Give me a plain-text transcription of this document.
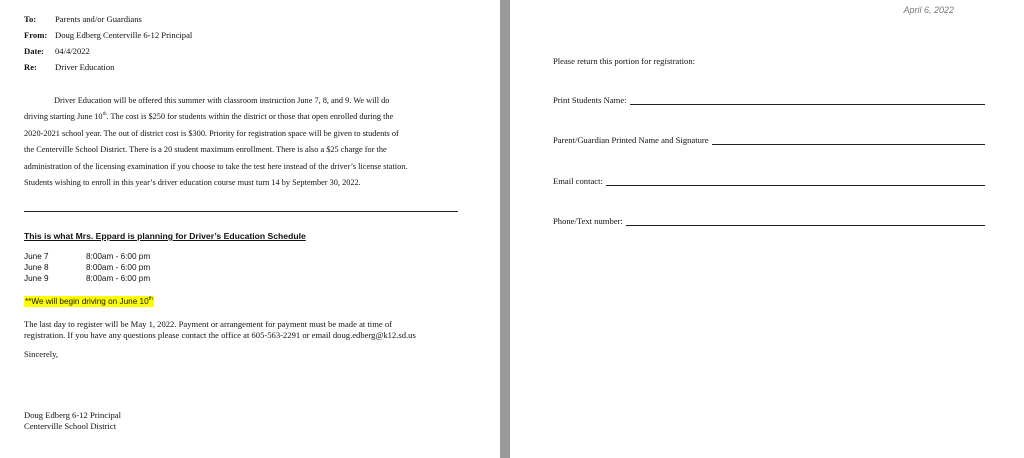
To: Parents and/or Guardians
From: Doug Edberg Centerville 6-12 Principal
Date: 04/4/2022
Re: Driver Education
Driver Education will be offered this summer with classroom instruction June 7, 8, and 9. We will do
driving starting June 10th. The cost is $250 for students within the district or those that open enrolled during the
2020-2021 school year. The out of district cost is $300. Priority for registration space will be given to students of
the Centerville School District. There is a 20 student maximum enrollment. There is also a $25 charge for the
administration of the licensing examination if you choose to take the test here instead of the driver’s license station.
Students wishing to enroll in this year’s driver education course must turn 14 by September 30, 2022.
This is what Mrs. Eppard is planning for Driver’s Education Schedule
June 7	8:00am - 6:00 pm
June 8	8:00am - 6:00 pm
June 9	8:00am - 6:00 pm
**We will begin driving on June 10th
The last day to register will be May 1, 2022. Payment or arrangement for payment must be made at time of
registration. If you have any questions please contact the office at 605-563-2291 or email doug.edberg@k12.sd.us
Sincerely,
Doug Edberg 6-12 Principal
Centerville School District
April 6, 2022
Please return this portion for registration:
Print Students Name:
Parent/Guardian Printed Name and Signature
Email contact:
Phone/Text number:
